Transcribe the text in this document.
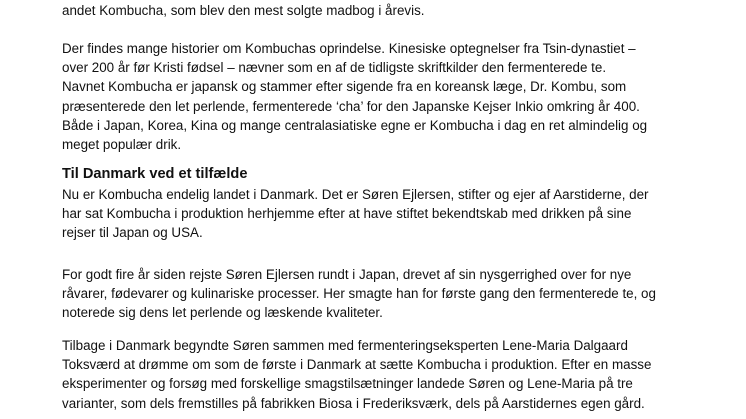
andet Kombucha, som blev den mest solgte madbog i årevis.

Der findes mange historier om Kombuchas oprindelse. Kinesiske optegnelser fra Tsin-dynastiet –
over 200 år før Kristi fødsel – nævner som en af de tidligste skriftkilder den fermenterede te.
Navnet Kombucha er japansk og stammer efter sigende fra en koreansk læge, Dr. Kombu, som
præsenterede den let perlende, fermenterede ‘cha’ for den Japanske Kejser Inkio omkring år 400.
Både i Japan, Korea, Kina og mange centralasiatiske egne er Kombucha i dag en ret almindelig og
meget populær drik.

Til Danmark ved et tilfælde

Nu er Kombucha endelig landet i Danmark. Det er Søren Ejlersen, stifter og ejer af Aarstiderne, der
har sat Kombucha i produktion herhjemme efter at have stiftet bekendtskab med drikken på sine
rejser til Japan og USA.

For godt fire år siden rejste Søren Ejlersen rundt i Japan, drevet af sin nysgerrighed over for nye
råvarer, fødevarer og kulinariske processer. Her smagte han for første gang den fermenterede te, og
noterede sig dens let perlende og læskende kvaliteter.

Tilbage i Danmark begyndte Søren sammen med fermenteringseksperten Lene-Maria Dalgaard
Toksværd at drømme om som de første i Danmark at sætte Kombucha i produktion. Efter en masse
eksperimenter og forsøg med forskellige smagstilsætninger landede Søren og Lene-Maria på tre
varianter, som dels fremstilles på fabrikken Biosa i Frederiksværk, dels på Aarstidernes egen gård.
